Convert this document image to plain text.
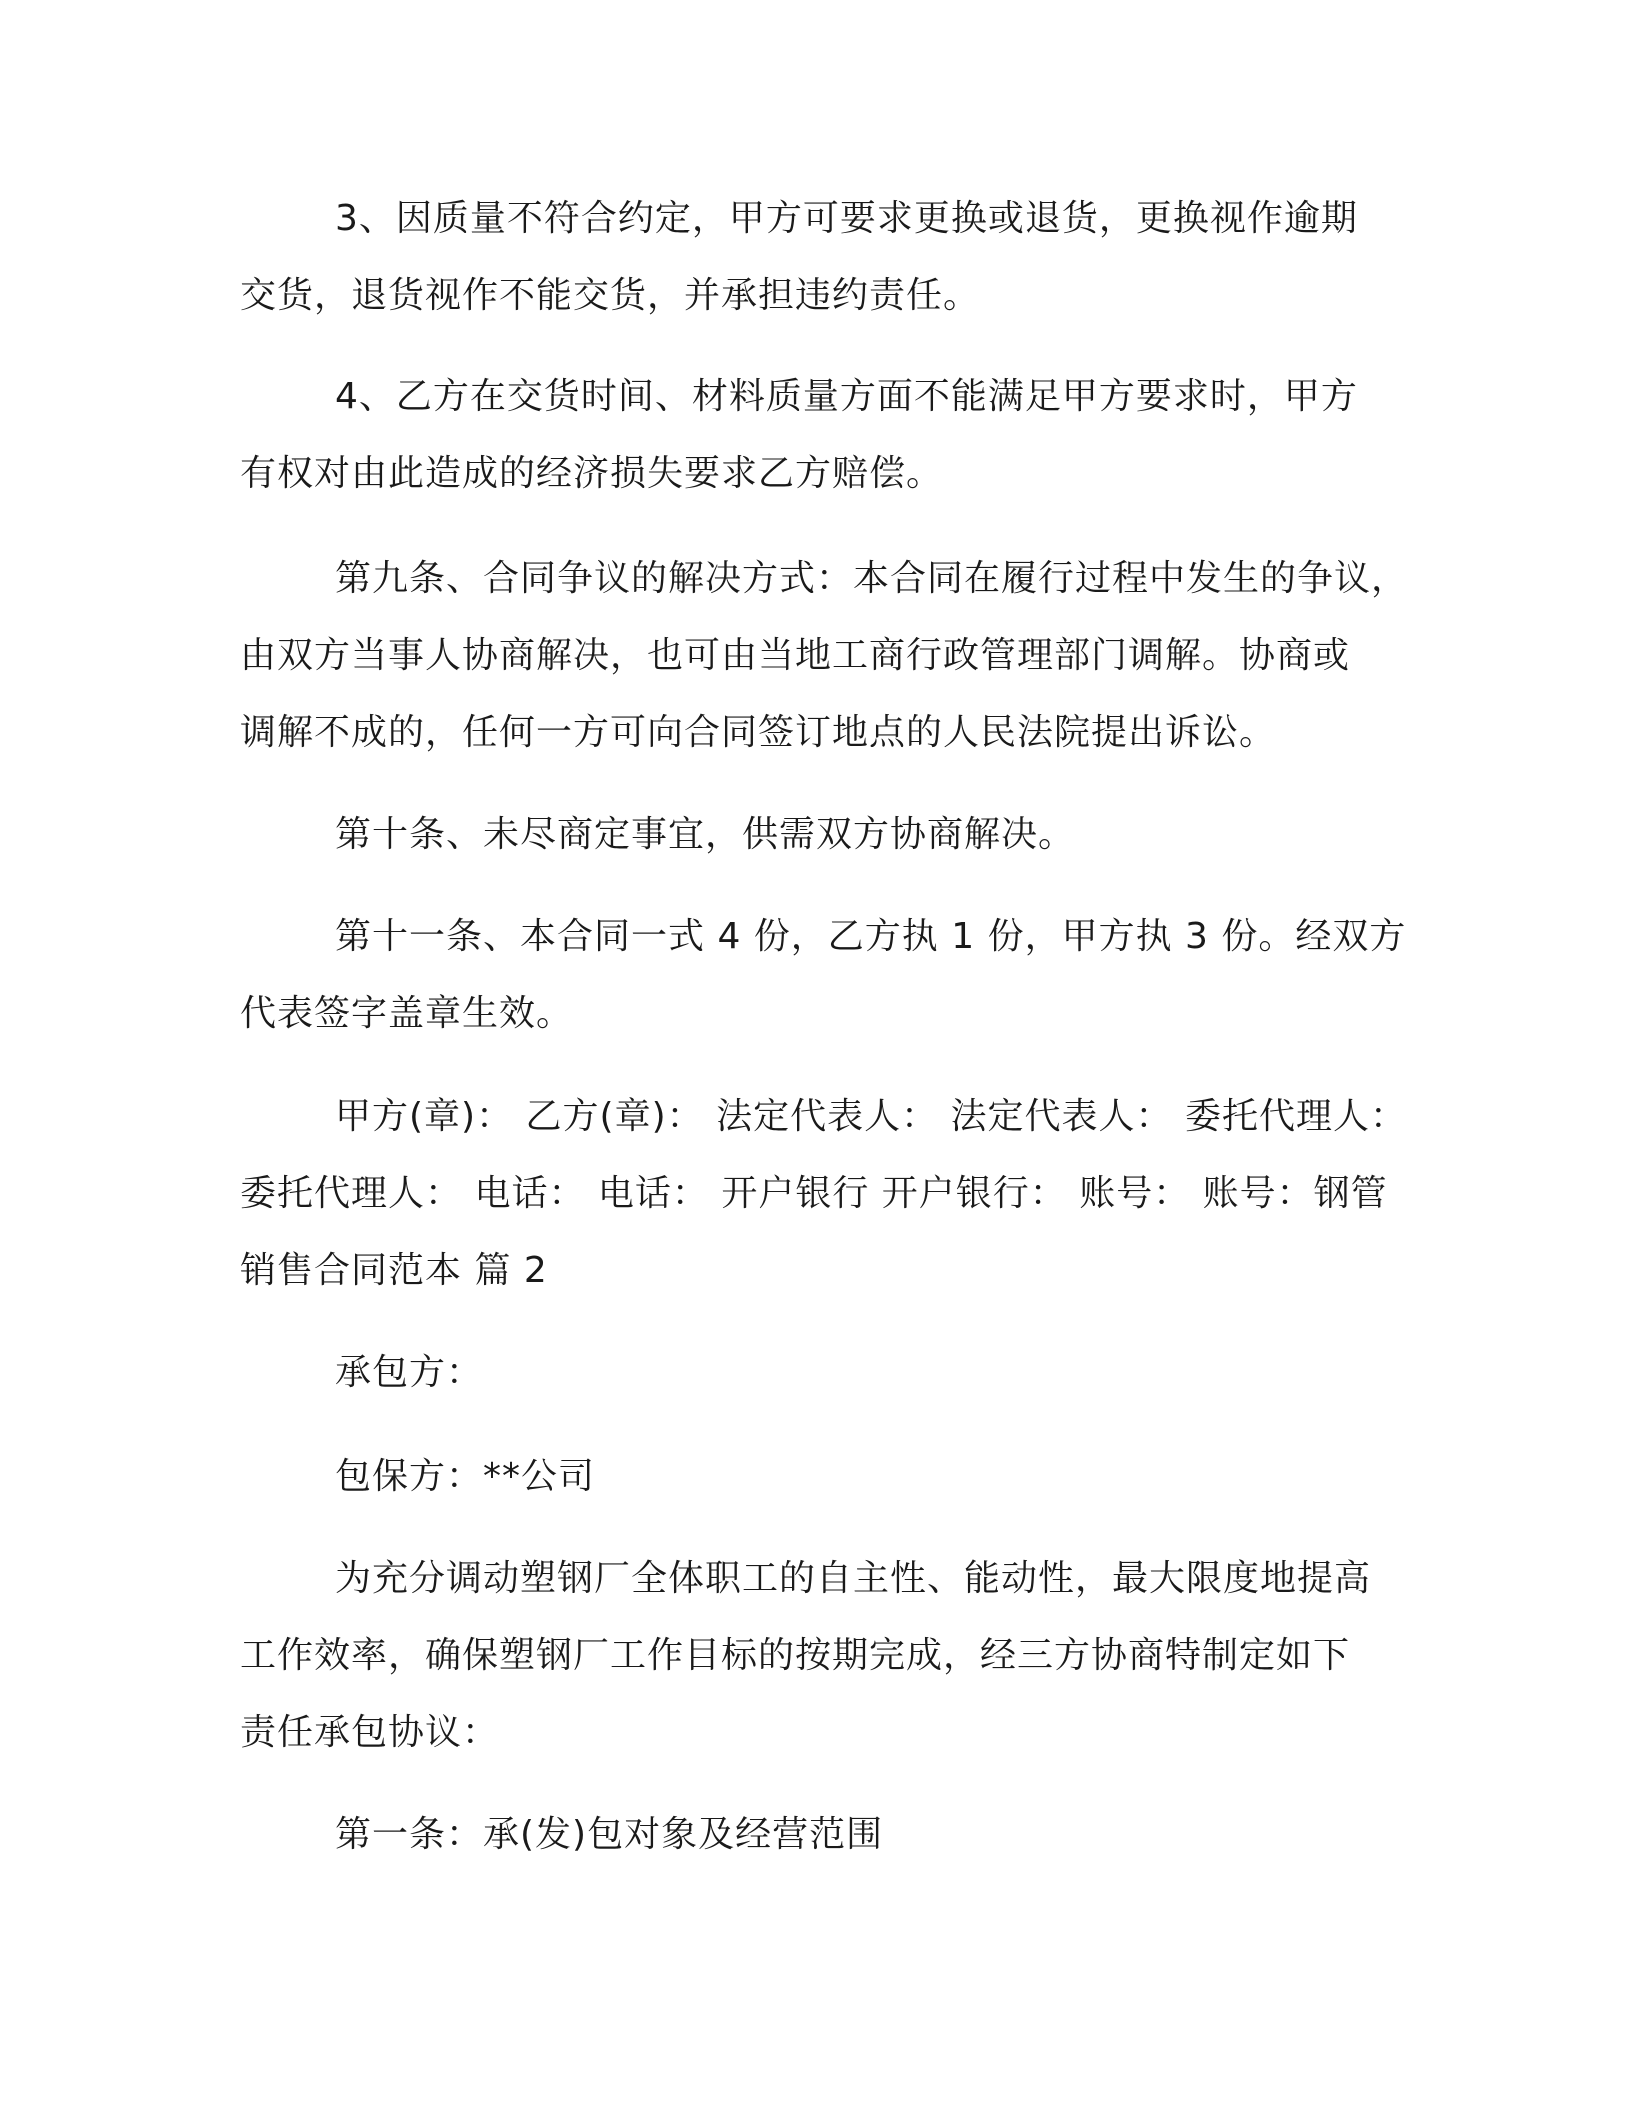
3、因质量不符合约定，甲方可要求更换或退货，更换视作逾期
交货，退货视作不能交货，并承担违约责任。
4、乙方在交货时间、材料质量方面不能满足甲方要求时，甲方
有权对由此造成的经济损失要求乙方赔偿。
第九条、合同争议的解决方式：本合同在履行过程中发生的争议，
由双方当事人协商解决，也可由当地工商行政管理部门调解。协商或
调解不成的，任何一方可向合同签订地点的人民法院提出诉讼。
第十条、未尽商定事宜，供需双方协商解决。
第十一条、本合同一式 4 份，乙方执 1 份，甲方执 3 份。经双方
代表签字盖章生效。
甲方(章)： 乙方(章)： 法定代表人： 法定代表人： 委托代理人：
委托代理人： 电话： 电话： 开户银行 开户银行： 账号： 账号：钢管
销售合同范本 篇 2
承包方：
包保方：**公司
为充分调动塑钢厂全体职工的自主性、能动性，最大限度地提高
工作效率，确保塑钢厂工作目标的按期完成，经三方协商特制定如下
责任承包协议：
第一条：承(发)包对象及经营范围
